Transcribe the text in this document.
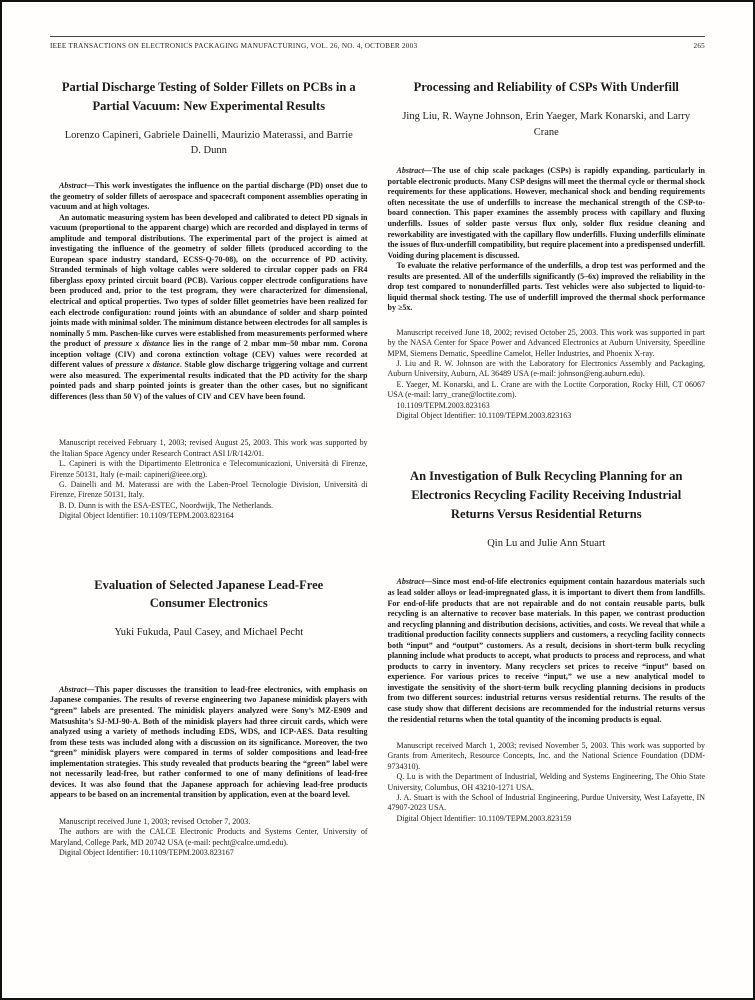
IEEE TRANSACTIONS ON ELECTRONICS PACKAGING MANUFACTURING, VOL. 26, NO. 4, OCTOBER 2003	265
Partial Discharge Testing of Solder Fillets on PCBs in a Partial Vacuum: New Experimental Results
Lorenzo Capineri, Gabriele Dainelli, Maurizio Materassi, and Barrie D. Dunn

Abstract—This work investigates the influence on the partial discharge (PD) onset due to the geometry of solder fillets of aerospace and spacecraft component assemblies operating in vacuum and at high voltages.

An automatic measuring system has been developed and calibrated to detect PD signals in vacuum (proportional to the apparent charge) which are recorded and displayed in terms of amplitude and temporal distributions. The experimental part of the project is aimed at investigating the influence of the geometry of solder fillets (produced according to the European space industry standard, ECSS-Q-70-08), on the occurrence of PD activity. Stranded terminals of high voltage cables were soldered to circular copper pads on FR4 fiberglass epoxy printed circuit board (PCB). Various copper electrode configurations have been produced and, prior to the test program, they were characterized for dimensional, electrical and optical properties. Two types of solder fillet geometries have been realized for each electrode configuration: round joints with an abundance of solder and sharp pointed joints made with minimal solder. The minimum distance between electrodes for all samples is nominally 5 mm. Paschen-like curves were established from measurements performed where the product of pressure x distance lies in the range of 2 mbar mm–50 mbar mm. Corona inception voltage (CIV) and corona extinction voltage (CEV) values were recorded at different values of pressure x distance. Stable glow discharge triggering voltage and current were also measured. The experimental results indicated that the PD activity for the sharp pointed pads and sharp pointed joints is greater than the other cases, but no significant differences (less than 50 V) of the values of CIV and CEV have been found.

Manuscript received February 1, 2003; revised August 25, 2003. This work was supported by the Italian Space Agency under Research Contract ASI I/R/142/01.

L. Capineri is with the Dipartimento Elettronica e Telecomunicazioni, Università di Firenze, Firenze 50131, Italy (e-mail: capineri@ieee.org).

G. Dainelli and M. Materassi are with the Laben-Proel Tecnologie Division, Università di Firenze, Firenze 50131, Italy.

B. D. Dunn is with the ESA-ESTEC, Noordwijk, The Netherlands.

Digital Object Identifier: 10.1109/TEPM.2003.823164

Evaluation of Selected Japanese Lead-Free Consumer Electronics
Yuki Fukuda, Paul Casey, and Michael Pecht

Abstract—This paper discusses the transition to lead-free electronics, with emphasis on Japanese companies. The results of reverse engineering two Japanese minidisk players with “green” labels are presented. The minidisk players analyzed were Sony’s MZ-E909 and Matsushita’s SJ-MJ-90-A. Both of the minidisk players had three circuit cards, which were analyzed using a variety of methods including EDS, WDS, and ICP-AES. Data resulting from these tests was included along with a discussion on its significance. Moreover, the two “green” minidisk players were compared in terms of solder compositions and lead-free implementation strategies. This study revealed that products bearing the “green” label were not necessarily lead-free, but rather conformed to one of many definitions of lead-free devices. It was also found that the Japanese approach for achieving lead-free products appears to be based on an incremental transition by application, even at the board level.

Manuscript received June 1, 2003; revised October 7, 2003.

The authors are with the CALCE Electronic Products and Systems Center, University of Maryland, College Park, MD 20742 USA (e-mail: pecht@calce.umd.edu).

Digital Object Identifier: 10.1109/TEPM.2003.823167

Processing and Reliability of CSPs With Underfill
Jing Liu, R. Wayne Johnson, Erin Yaeger, Mark Konarski, and Larry Crane

Abstract—The use of chip scale packages (CSPs) is rapidly expanding, particularly in portable electronic products. Many CSP designs will meet the thermal cycle or thermal shock requirements for these applications. However, mechanical shock and bending requirements often necessitate the use of underfills to increase the mechanical strength of the CSP-to-board connection. This paper examines the assembly process with capillary and fluxing underfills. Issues of solder paste versus flux only, solder flux residue cleaning and reworkability are investigated with the capillary flow underfills. Fluxing underfills eliminate the issues of flux-underfill compatibility, but require placement into a predispensed underfill. Voiding during placement is discussed.

To evaluate the relative performance of the underfills, a drop test was performed and the results are presented. All of the underfills significantly (5–6x) improved the reliability in the drop test compared to nonunderfilled parts. Test vehicles were also subjected to liquid-to-liquid thermal shock testing. The use of underfill improved the thermal shock performance by ≥5x.

Manuscript received June 18, 2002; revised October 25, 2003. This work was supported in part by the NASA Center for Space Power and Advanced Electronics at Auburn University, Speedline MPM, Siemens Dematic, Speedline Camelot, Heller Industries, and Phoenix X-ray.

J. Liu and R. W. Johnson are with the Laboratory for Electronics Assembly and Packaging, Auburn University, Auburn, AL 36489 USA (e-mail: johnson@eng.auburn.edu).

E. Yaeger, M. Konarski, and L. Crane are with the Loctite Corporation, Rocky Hill, CT 06067 USA (e-mail: larry_crane@loctite.com).

10.1109/TEPM.2003.823163

Digital Object Identifier: 10.1109/TEPM.2003.823163

An Investigation of Bulk Recycling Planning for an Electronics Recycling Facility Receiving Industrial Returns Versus Residential Returns
Qin Lu and Julie Ann Stuart

Abstract—Since most end-of-life electronics equipment contain hazardous materials such as lead solder alloys or lead-impregnated glass, it is important to divert them from landfills. For end-of-life products that are not repairable and do not contain reusable parts, bulk recycling is an alternative to recover base materials. In this paper, we contrast production and recycling planning and distribution decisions, activities, and costs. We reveal that while a traditional production facility connects suppliers and customers, a recycling facility connects both “input” and “output” customers. As a result, decisions in short-term bulk recycling planning include what products to accept, what products to process and reprocess, and what products to carry in inventory. Many recyclers set prices to receive “input” based on experience. For various prices to receive “input,” we use a new analytical model to investigate the sensitivity of the short-term bulk recycling planning decisions in products from two different sources: industrial returns versus residential returns. The results of the case study show that different decisions are recommended for the industrial returns versus the residential returns when the total quantity of the incoming products is equal.

Manuscript received March 1, 2003; revised November 5, 2003. This work was supported by Grants from Ameritech, Resource Concepts, Inc. and the National Science Foundation (DDM-9734310).

Q. Lu is with the Department of Industrial, Welding and Systems Engineering, The Ohio State University, Columbus, OH 43210-1271 USA.

J. A. Stuart is with the School of Industrial Engineering, Purdue University, West Lafayette, IN 47907-2023 USA.

Digital Object Identifier: 10.1109/TEPM.2003.823159
